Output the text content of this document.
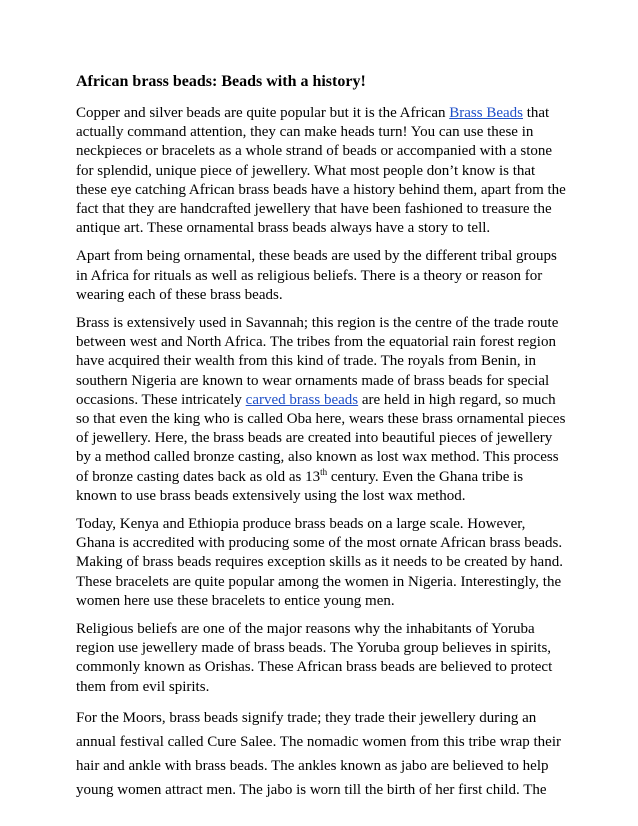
African brass beads: Beads with a history!

Copper and silver beads are quite popular but it is the African Brass Beads that actually command attention, they can make heads turn! You can use these in neckpieces or bracelets as a whole strand of beads or accompanied with a stone for splendid, unique piece of jewellery. What most people don’t know is that these eye catching African brass beads have a history behind them, apart from the fact that they are handcrafted jewellery that have been fashioned to treasure the antique art. These ornamental brass beads always have a story to tell.

Apart from being ornamental, these beads are used by the different tribal groups in Africa for rituals as well as religious beliefs. There is a theory or reason for wearing each of these brass beads.

Brass is extensively used in Savannah; this region is the centre of the trade route between west and North Africa. The tribes from the equatorial rain forest region have acquired their wealth from this kind of trade. The royals from Benin, in southern Nigeria are known to wear ornaments made of brass beads for special occasions. These intricately carved brass beads are held in high regard, so much so that even the king who is called Oba here, wears these brass ornamental pieces of jewellery. Here, the brass beads are created into beautiful pieces of jewellery by a method called bronze casting, also known as lost wax method. This process of bronze casting dates back as old as 13th century. Even the Ghana tribe is known to use brass beads extensively using the lost wax method.

Today, Kenya and Ethiopia produce brass beads on a large scale. However, Ghana is accredited with producing some of the most ornate African brass beads. Making of brass beads requires exception skills as it needs to be created by hand. These bracelets are quite popular among the women in Nigeria. Interestingly, the women here use these bracelets to entice young men.

Religious beliefs are one of the major reasons why the inhabitants of Yoruba region use jewellery made of brass beads. The Yoruba group believes in spirits, commonly known as Orishas. These African brass beads are believed to protect them from evil spirits.

For the Moors, brass beads signify trade; they trade their jewellery during an annual festival called Cure Salee. The nomadic women from this tribe wrap their hair and ankle with brass beads. The ankles known as jabo are believed to help young women attract men. The jabo is worn till the birth of her first child. The
